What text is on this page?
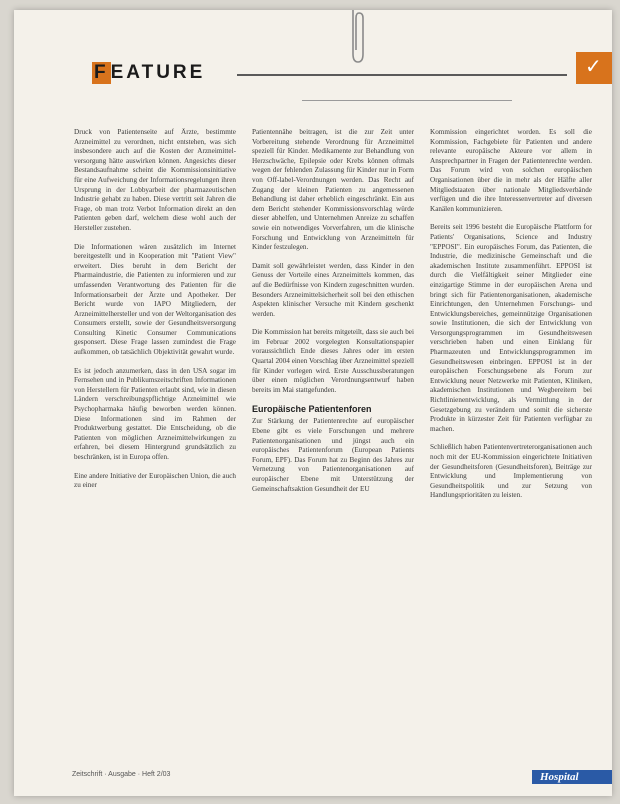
F EATURE	✓

Druck von Patientenseite auf Ärzte, bestimmte Arzneimittel zu verordnen, nicht entstehen, was sich insbesondere auch auf die Kosten der Arzneimittel-versorgung hätte auswirken können. Angesichts dieser Bestandsaufnahme scheint die Kommissionsinitiative für eine Aufweichung der Informationsregelungen ihren Ursprung in der Lobbyarbeit der pharmazeutischen Industrie gehabt zu haben. Diese vertritt seit Jahren die Frage, ob man trotz Verbot Information direkt an den Patienten geben darf, welchem diese wohl auch der Hersteller zustehen.

Die Informationen wären zusätzlich im Internet bereitgestellt und in Kooperation mit "Patient View" erweitert. Dies beruht in dem Bericht der Pharmaindustrie, die Patienten zu informieren und zur umfassenden Verantwortung des Patienten für die Informationsarbeit der Ärzte und Apotheker. Der Bericht wurde von IAPO Mitgliedern, der Arzneimittelhersteller und von der Weltorganisation des Consumers erstellt, sowie der Gesundheitsversorgung Consulting Kinetic Consumer Communications gesponsert. Diese Frage lassen zumindest die Frage aufkommen, ob tatsächlich Objektivität gewahrt wurde.

Es ist jedoch anzumerken, dass in den USA sogar im Fernsehen und in Publikumszeitschriften Informationen von Herstellern für Patienten erlaubt sind, wie in diesen Ländern verschreibungspflichtige Arzneimittel wie Psychopharmaka häufig beworben werden können. Diese Informationen sind im Rahmen der Produktwerbung gestattet. Die Entscheidung, ob die Patienten von möglichen Arzneimittelwirkungen zu erfahren, bei diesem Hintergrund grundsätzlich zu beschränken, ist in Europa offen.

Eine andere Initiative der Europäischen Union, die auch zu einer

Patientennähe beitragen, ist die zur Zeit unter Vorbereitung stehende Verordnung für Arzneimittel speziell für Kinder. Medikamente zur Behandlung von Herzschwäche, Epilepsie oder Krebs können oftmals wegen der fehlenden Zulassung für Kinder nur in Form von Off-label-Verordnungen werden. Das Recht auf Zugang der kleinen Patienten zu angemessenen Behandlung ist daher erheblich eingeschränkt. Ein aus dem Bericht stehender Kommissionsvorschlag würde dieser abhelfen, und Unternehmen Anreize zu schaffen sowie ein notwendiges Vorverfahren, um die klinische Forschung und Entwicklung von Arzneimitteln für Kinder festzulegen.

Damit soll gewährleistet werden, dass Kinder in den Genuss der Vorteile eines Arzneimittels kommen, das auf die Bedürfnisse von Kindern zugeschnitten wurden. Besonders Arzneimittelsicherheit soll bei den ethischen Aspekten klinischer Versuche mit Kindern geschenkt werden.

Die Kommission hat bereits mitgeteilt, dass sie auch bei im Februar 2002 vorgelegten Konsultationspapier voraussichtlich Ende dieses Jahres oder im ersten Quartal 2004 einen Vorschlag über Arzneimittel speziell für Kinder vorlegen wird. Erste Ausschussberatungen über einen möglichen Verordnungsentwurf haben bereits im Mai stattgefunden.

Europäische Patientenforen

Zur Stärkung der Patientenrechte auf europäischer Ebene gibt es viele Forschungen und mehrere Patientenorganisationen und jüngst auch ein europäisches Patientenforum (European Patients Forum, EPF). Das Forum hat zu Beginn des Jahres zur Vernetzung von Patientenorganisationen auf europäischer Ebene mit Unterstützung der Gemeinschaftsaktion Gesundheit der EU

Kommission eingerichtet worden. Es soll die Kommission, Fachgebiete für Patienten und andere relevante europäische Akteure vor allem in Ansprechpartner in Fragen der Patientenrechte werden. Das Forum wird von solchen europäischen Organisationen über die in mehr als der Hälfte aller Mitgliedstaaten über nationale Mitgliedsverbände verfügen und die ihre Interessenvertreter auf diversen Kanälen kommunizieren.

Bereits seit 1996 besteht die Europäische Plattform for Patients' Organisations, Science and Industry "EPPOSI". Ein europäisches Forum, das Patienten, die Industrie, die medizinische Gemeinschaft und die akademischen Institute zusammenführt. EPPOSI ist durch die Vielfältigkeit seiner Mitglieder eine einzigartige Stimme in der europäischen Arena und bringt sich für Patientenorganisationen, akademische Einrichtungen, den Unternehmen Forschungs- und Entwicklungsbereiches, gemeinnützige Organisationen sowie Institutionen, die sich der Entwicklung von Versorgungsprogrammen im Gesundheitswesen verschrieben haben und einen Einklang für Pharmazeuten und Entwicklungsprogrammen im Gesundheitswesen einbringen. EPPOSI ist in der europäischen Forschungsebene als Forum zur Entwicklung neuer Netzwerke mit Patienten, Kliniken, akademischen Institutionen und Wegbereitern bei Richtlinienentwicklung, als Vermittlung in der Gesetzgebung zu verändern und somit die sicherste Produkte in kürzester Zeit für Patienten verfügbar zu machen.

Schließlich haben Patientenvertreterorganisationen auch noch mit der EU-Kommission eingerichtete Initiativen der Gesundheitsforen (Gesundheitsforen), Beiträge zur Entwicklung und Implementierung von Gesundheitspolitik und zur Setzung von Handlungsprioritäten zu leisten.

Zeitschrift · Ausgabe · Heft 2/03	Hospital
